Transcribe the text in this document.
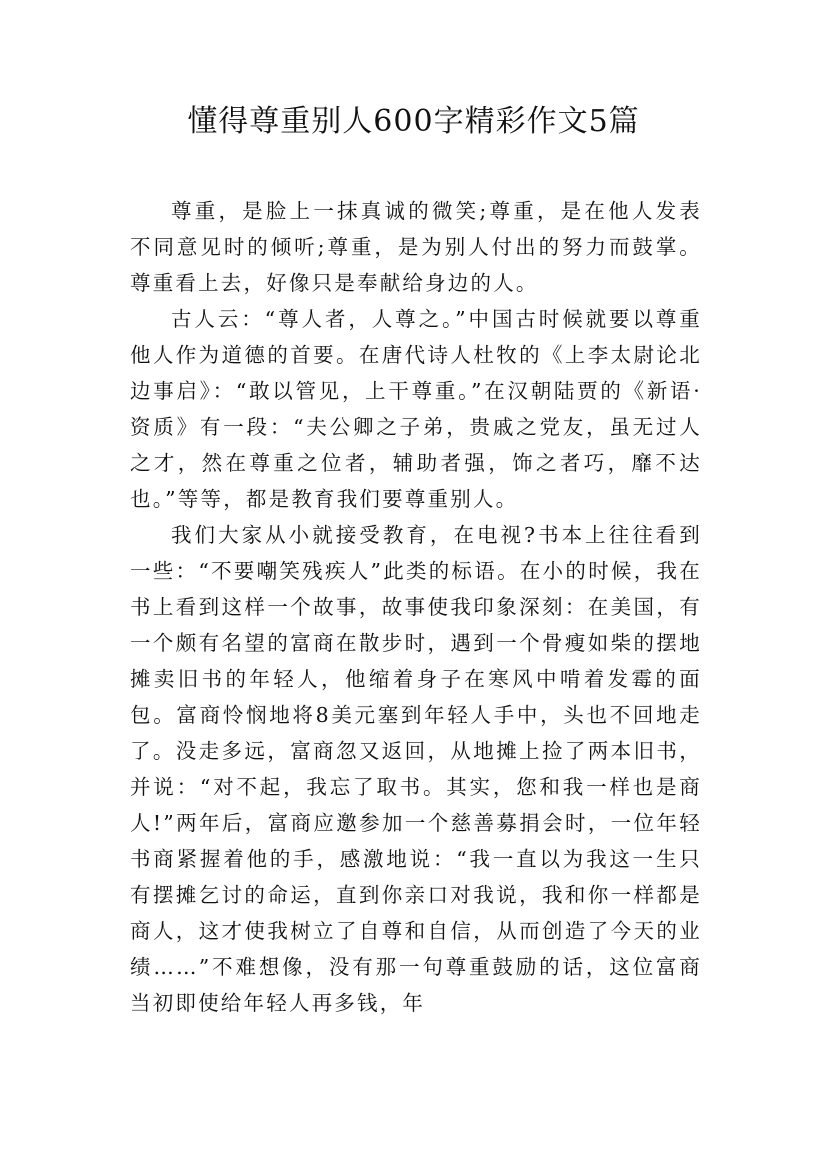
懂得尊重别人600字精彩作文5篇

尊重，是脸上一抹真诚的微笑;尊重，是在他人发表不同意见时的倾听;尊重，是为别人付出的努力而鼓掌。尊重看上去，好像只是奉献给身边的人。

古人云：“尊人者，人尊之。”中国古时候就要以尊重他人作为道德的首要。在唐代诗人杜牧的《上李太尉论北边事启》：“敢以管见，上干尊重。”在汉朝陆贾的《新语·资质》有一段：“夫公卿之子弟，贵戚之党友，虽无过人之才，然在尊重之位者，辅助者强，饰之者巧，靡不达也。”等等，都是教育我们要尊重别人。

我们大家从小就接受教育，在电视?书本上往往看到一些：“不要嘲笑残疾人”此类的标语。在小的时候，我在书上看到这样一个故事，故事使我印象深刻：在美国，有一个颇有名望的富商在散步时，遇到一个骨瘦如柴的摆地摊卖旧书的年轻人，他缩着身子在寒风中啃着发霉的面包。富商怜悯地将8美元塞到年轻人手中，头也不回地走了。没走多远，富商忽又返回，从地摊上捡了两本旧书，并说：“对不起，我忘了取书。其实，您和我一样也是商人!”两年后，富商应邀参加一个慈善募捐会时，一位年轻书商紧握着他的手，感激地说：“我一直以为我这一生只有摆摊乞讨的命运，直到你亲口对我说，我和你一样都是商人，这才使我树立了自尊和自信，从而创造了今天的业绩……”不难想像，没有那一句尊重鼓励的话，这位富商当初即使给年轻人再多钱，年
